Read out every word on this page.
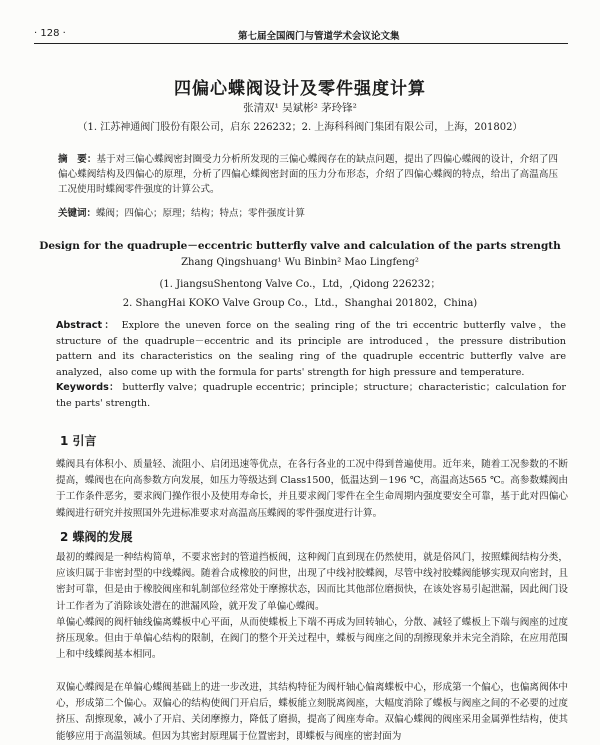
· 128 ·	第七届全国阀门与管道学术会议论文集
四偏心蝶阀设计及零件强度计算
张清双¹ 吴斌彬² 茅玲锋²
（1. 江苏神通阀门股份有限公司，启东 226232；2. 上海科科阀门集团有限公司，上海，201802）
摘　要：基于对三偏心蝶阀密封圈受力分析所发现的三偏心蝶阀存在的缺点问题，提出了四偏心蝶阀的设计，介绍了四偏心蝶阀结构及四偏心的原理，分析了四偏心蝶阀密封面的压力分布形态，介绍了四偏心蝶阀的特点，给出了高温高压工况使用时蝶阀零件强度的计算公式。
关键词：蝶阀；四偏心；原理；结构；特点；零件强度计算
Design for the quadruple－eccentric butterfly valve and calculation of the parts strength
Zhang Qingshuang¹ Wu Binbin² Mao Lingfeng²
(1. JiangsuShentong Valve Co.，Ltd，,Qidong 226232；
2. ShangHai KOKO Valve Group Co.，Ltd.，Shanghai 201802，China)
Abstract： Explore the uneven force on the sealing ring of the tri eccentric butterfly valve，the structure of the quadruple－eccentric and its principle are introduced，the pressure distribution pattern and its characteristics on the sealing ring of the quadruple eccentric butterfly valve are analyzed，also come up with the formula for parts' strength for high pressure and temperature.
Keywords： butterfly valve；quadruple eccentric；principle；structure；characteristic；calculation for the parts' strength.
1 引言
蝶阀具有体积小、质量轻、流阻小、启闭迅速等优点，在各行各业的工况中得到普遍使用。近年来，随着工况参数的不断提高，蝶阀也在向高参数方向发展，如压力等级达到 Class1500，低温达到－196 ℃，高温高达565 ℃。高参数蝶阀由于工作条件恶劣，要求阀门操作很小及使用寿命长，并且要求阀门零件在全生命周期内强度要安全可靠，基于此对四偏心蝶阀进行研究并按照国外先进标准要求对高温高压蝶阀的零件强度进行计算。
2 蝶阀的发展
最初的蝶阀是一种结构简单，不要求密封的管道挡板阀，这种阀门直到现在仍然使用，就是俗风门，按照蝶阀结构分类，应该归属于非密封型的中线蝶阀。随着合成橡胶的问世，出现了中线衬胶蝶阀，尽管中线衬胶蝶阀能够实现双向密封，且密封可靠，但是由于橡胶阀座和轧制部位经常处于摩擦状态，因而比其他部位磨损快，在该处容易引起泄漏，因此阀门设计工作者为了消除该处潜在的泄漏风险，就开发了单偏心蝶阀。
单偏心蝶阀的阀杆轴线偏离蝶板中心平面，从而使蝶板上下端不再成为回转轴心，分散、减轻了蝶板上下端与阀座的过度挤压现象。但由于单偏心结构的限制，在阀门的整个开关过程中，蝶板与阀座之间的刮擦现象并未完全消除，在应用范围上和中线蝶阀基本相同。
双偏心蝶阀是在单偏心蝶阀基础上的进一步改进，其结构特征为阀杆轴心偏离蝶板中心，形成第一个偏心，也偏离阀体中心，形成第二个偏心。双偏心的结构使阀门开启后，蝶板能立刻脱离阀座，大幅度消除了蝶板与阀座之间的不必要的过度挤压、刮擦现象，减小了开启、关闭摩擦力，降低了磨损，提高了阀座寿命。双偏心蝶阀的阀座采用金属弹性结构，使其能够应用于高温领域。但因为其密封原理属于位置密封，即蝶板与阀座的密封面为
